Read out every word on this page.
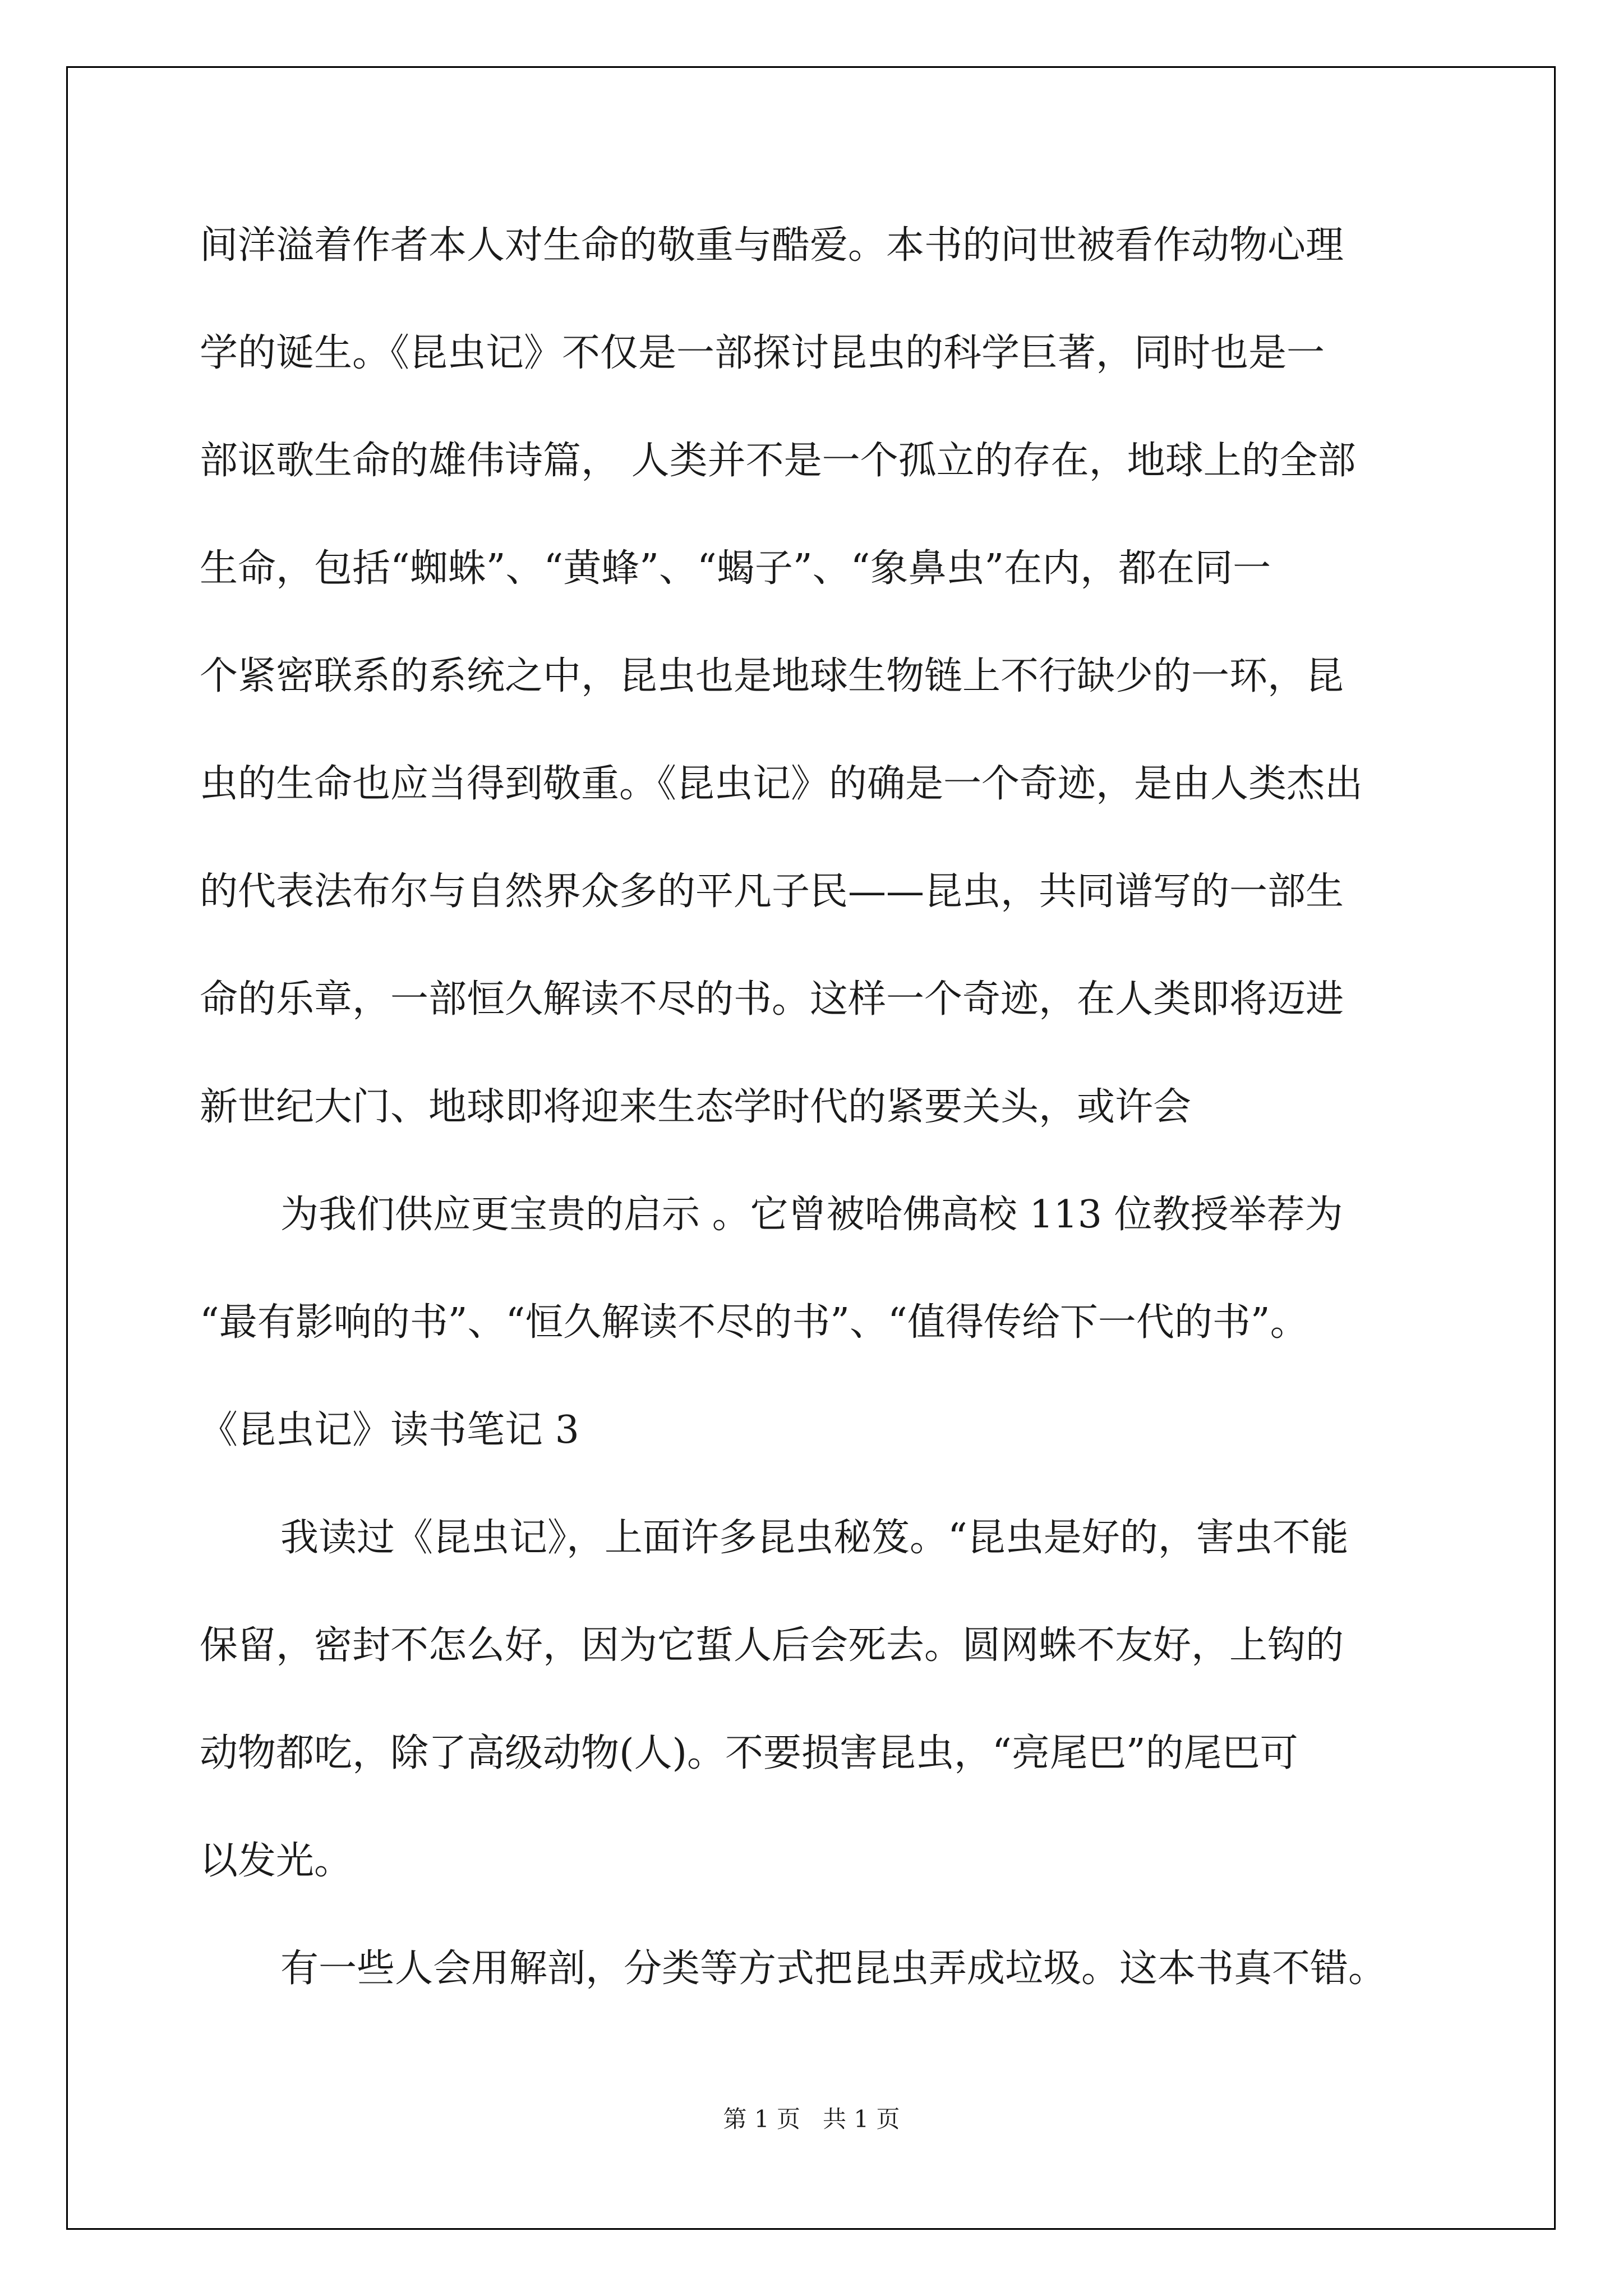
间洋溢着作者本人对生命的敬重与酷爱。本书的问世被看作动物心理
学的诞生。《昆虫记》不仅是一部探讨昆虫的科学巨著，同时也是一
部讴歌生命的雄伟诗篇， 人类并不是一个孤立的存在，地球上的全部
生命，包括“蜘蛛”、“黄蜂”、“蝎子”、“象鼻虫”在内，都在同一
个紧密联系的系统之中，昆虫也是地球生物链上不行缺少的一环，昆
虫的生命也应当得到敬重。《昆虫记》的确是一个奇迹，是由人类杰出
的代表法布尔与自然界众多的平凡子民——昆虫，共同谱写的一部生
命的乐章，一部恒久解读不尽的书。这样一个奇迹，在人类即将迈进
新世纪大门、地球即将迎来生态学时代的紧要关头，或许会
为我们供应更宝贵的启示 。它曾被哈佛高校 113 位教授举荐为
“最有影响的书”、“恒久解读不尽的书”、“值得传给下一代的书”。
《昆虫记》读书笔记 3
我读过《昆虫记》，上面许多昆虫秘笈。“昆虫是好的，害虫不能
保留，密封不怎么好，因为它蜇人后会死去。圆网蛛不友好，上钩的
动物都吃，除了高级动物(人)。不要损害昆虫，“亮尾巴”的尾巴可
以发光。
有一些人会用解剖，分类等方式把昆虫弄成垃圾。这本书真不错。
第 1 页   共 1 页
